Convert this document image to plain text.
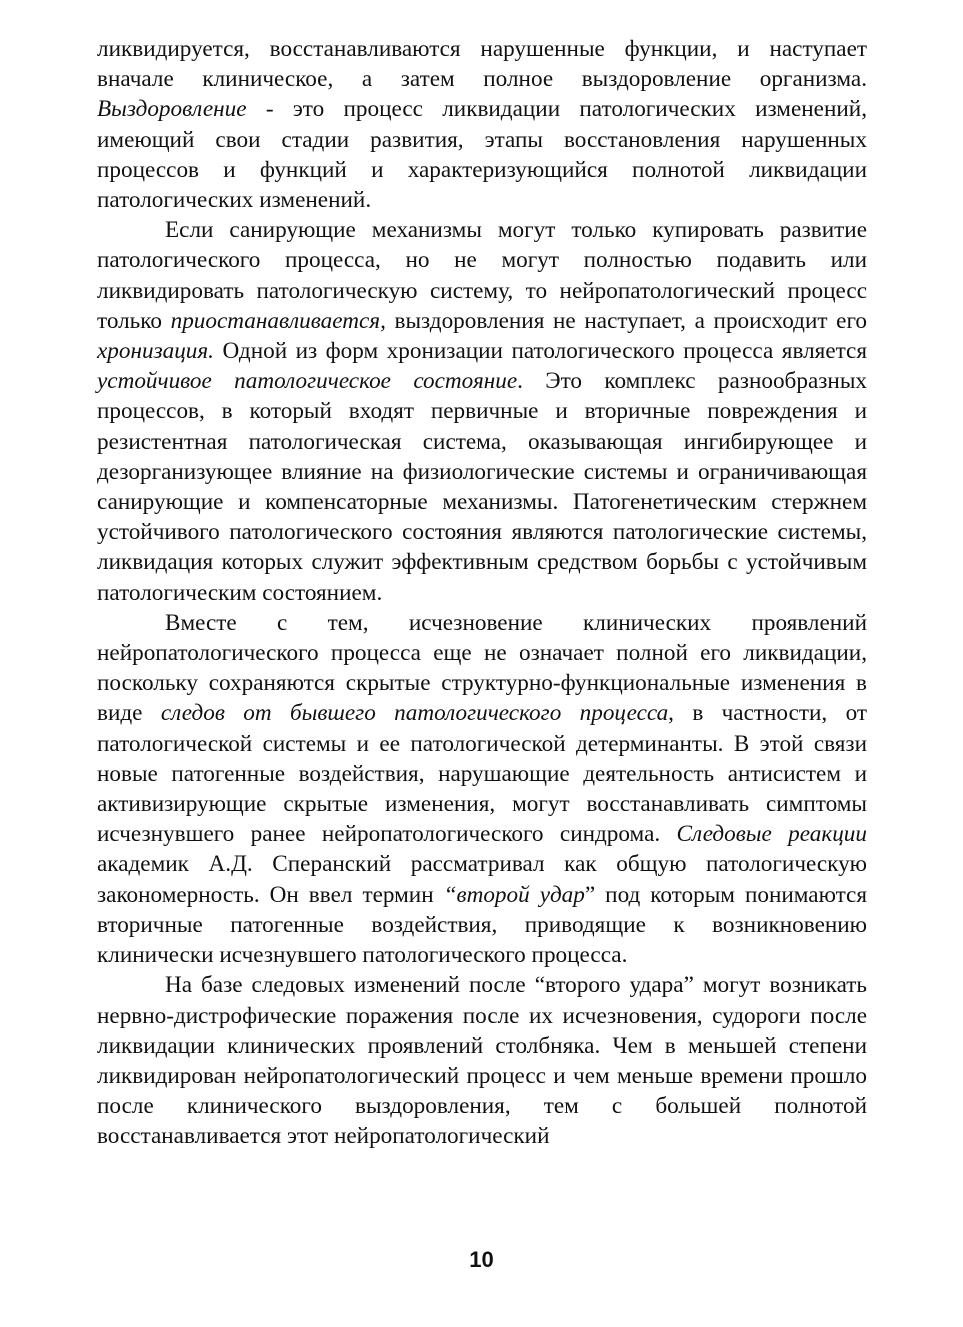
ликвидируется, восстанавливаются нарушенные функции, и наступает вначале клиническое, а затем полное выздоровление организма. Выздоровление - это процесс ликвидации патологических изменений, имеющий свои стадии развития, этапы восстановления нарушенных процессов и функций и характеризующийся полнотой ликвидации патологических изменений.

Если санирующие механизмы могут только купировать развитие патологического процесса, но не могут полностью подавить или ликвидировать патологическую систему, то нейропатологический процесс только приостанавливается, выздоровления не наступает, а происходит его хронизация. Одной из форм хронизации патологического процесса является устойчивое патологическое состояние. Это комплекс разнообразных процессов, в который входят первичные и вторичные повреждения и резистентная патологическая система, оказывающая ингибирующее и дезорганизующее влияние на физиологические системы и ограничивающая санирующие и компенсаторные механизмы. Патогенетическим стержнем устойчивого патологического состояния являются патологические системы, ликвидация которых служит эффективным средством борьбы с устойчивым патологическим состоянием.

Вместе с тем, исчезновение клинических проявлений нейропатологического процесса еще не означает полной его ликвидации, поскольку сохраняются скрытые структурно-функциональные изменения в виде следов от бывшего патологического процесса, в частности, от патологической системы и ее патологической детерминанты. В этой связи новые патогенные воздействия, нарушающие деятельность антисистем и активизирующие скрытые изменения, могут восстанавливать симптомы исчезнувшего ранее нейропатологического синдрома. Следовые реакции академик А.Д. Сперанский рассматривал как общую патологическую закономерность. Он ввел термин “второй удар” под которым понимаются вторичные патогенные воздействия, приводящие к возникновению клинически исчезнувшего патологического процесса.

На базе следовых изменений после “второго удара” могут возникать нервно-дистрофические поражения после их исчезновения, судороги после ликвидации клинических проявлений столбняка. Чем в меньшей степени ликвидирован нейропатологический процесс и чем меньше времени прошло после клинического выздоровления, тем с большей полнотой восстанавливается этот нейропатологический

10
